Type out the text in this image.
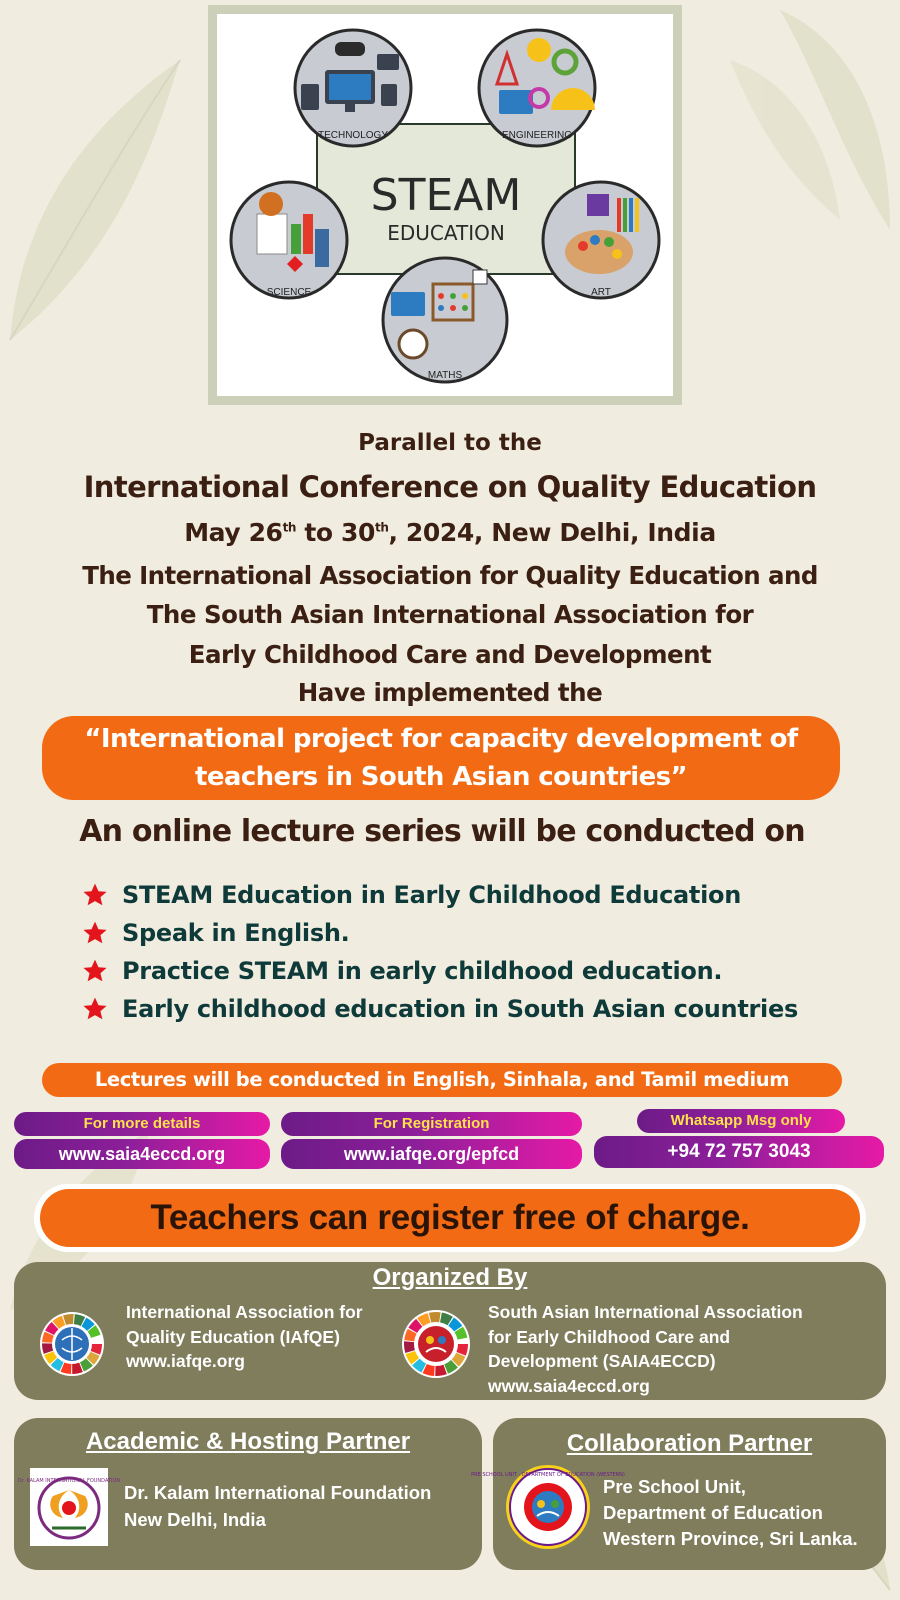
TECHNOLOGY	ENGINEERING
SCIENCE	ART
MATHS
STEAM
EDUCATION
Parallel to the
International Conference on Quality Education
May 26th to 30th, 2024, New Delhi, India
The International Association for Quality Education and
The South Asian International Association for
Early Childhood Care and Development
Have implemented the
“International project for capacity development of
teachers in South Asian countries”
An online lecture series will be conducted on
STEAM Education in Early Childhood Education
Speak in English.
Practice STEAM in early childhood education.
Early childhood education in South Asian countries
Lectures will be conducted in English, Sinhala, and Tamil medium
For more details
www.saia4eccd.org
For Registration
www.iafqe.org/epfcd
Whatsapp Msg only
+94 72 757 3043
Teachers can register free of charge.
Organized By
International Association for
Quality Education (IAfQE)
www.iafqe.org
South Asian International Association
for Early Childhood Care and
Development (SAIA4ECCD)
www.saia4eccd.org
Academic & Hosting Partner
Dr. KALAM INTERNATIONAL FOUNDATION
Dr. Kalam International Foundation
New Delhi, India
Collaboration Partner
PRE SCHOOL UNIT · DEPARTMENT OF EDUCATION (WESTERN)
Pre School Unit,
Department of Education
Western Province, Sri Lanka.
